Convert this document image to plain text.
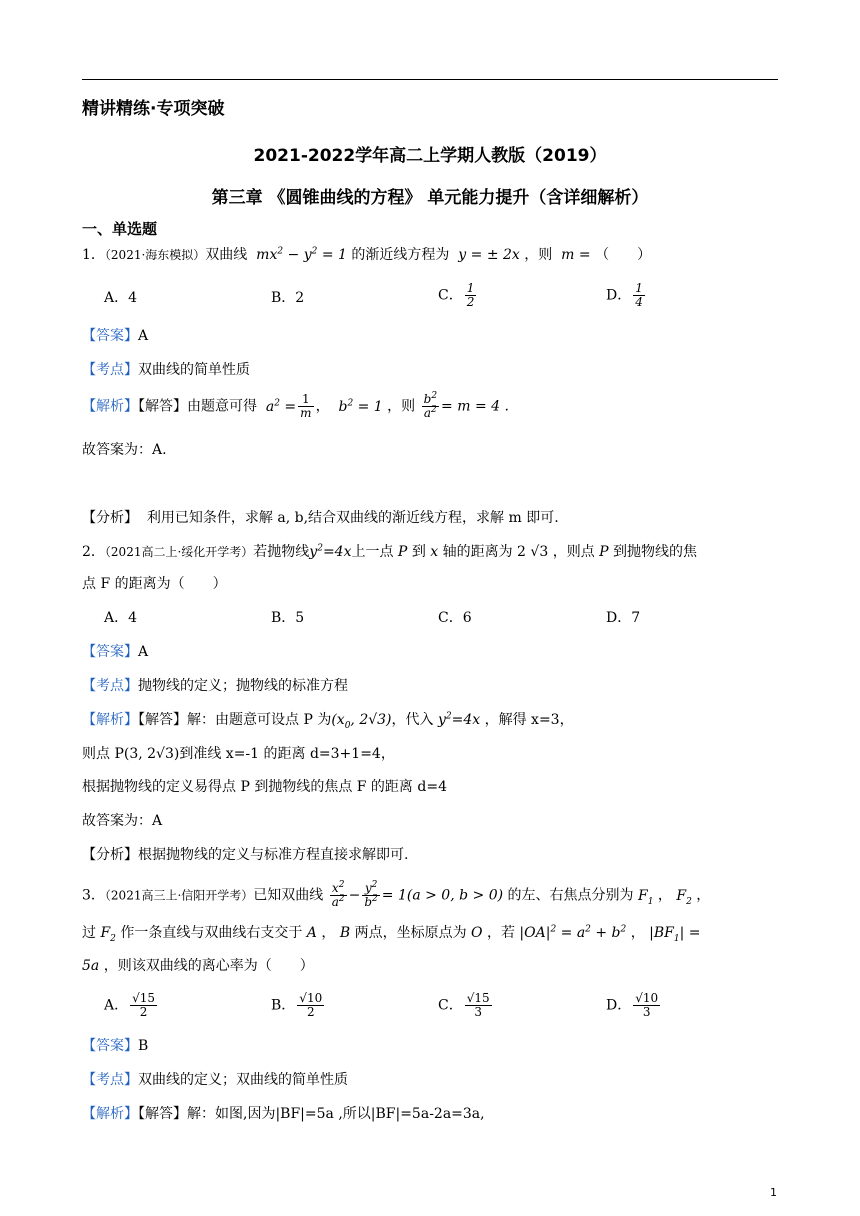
精讲精练·专项突破
2021-2022学年高二上学期人教版（2019）
第三章 《圆锥曲线的方程》 单元能力提升（含详细解析）
一、单选题
1．（2021·海东模拟）双曲线  $mx^2 - y^2 = 1$ 的渐近线方程为  y = ± 2x ，则  m = （　　）
A．4	B．2	C． $\frac{1}{2}$	D． $\frac{1}{4}$
【答案】A
【考点】双曲线的简单性质
【解析】【解答】由题意可得  $a^2 = \frac{1}{m}$ ，  $b^2 = 1$ ，则 $\frac{b^2}{a^2} = m = 4$ .
故答案为：A.
【分析】 利用已知条件，求解 a, b,结合双曲线的渐近线方程，求解 m 即可.
2．（2021高二上·绥化开学考）若抛物线$y^2=4x$上一点 P 到 x 轴的距离为 2 √3 ，则点 P 到抛物线的焦
点 F 的距离为（　　）
A．4	B．5	C．6	D．7
【答案】A
【考点】抛物线的定义；抛物线的标准方程
【解析】【解答】解：由题意可设点 P 为($x_0$, 2√3)，代入 $y^2=4x$ ，解得 x=3，
则点 P(3, 2√3)到准线 x=-1 的距离 d=3+1=4，
根据抛物线的定义易得点 P 到抛物线的焦点 F 的距离 d=4
故答案为：A
【分析】根据抛物线的定义与标准方程直接求解即可.
3．（2021高三上·信阳开学考）已知双曲线 $\frac{x^2}{a^2} - \frac{y^2}{b^2} = 1(a > 0$, b > 0) 的左、右焦点分别为 $F_1$ ， $F_2$ ，
过 $F_2$ 作一条直线与双曲线右支交于 A ， B 两点，坐标原点为 O ，若 $|OA|^2 = a^2 + b^2$ ， $|BF_1|$ =
5a ，则该双曲线的离心率为（　　）
A． $\frac{√15}{2}$	B． $\frac{√10}{2}$	C． $\frac{√15}{3}$	D． $\frac{√10}{3}$
【答案】B
【考点】双曲线的定义；双曲线的简单性质
【解析】【解答】解：如图,因为|BF|=5a ,所以|BF|=5a-2a=3a,
1
